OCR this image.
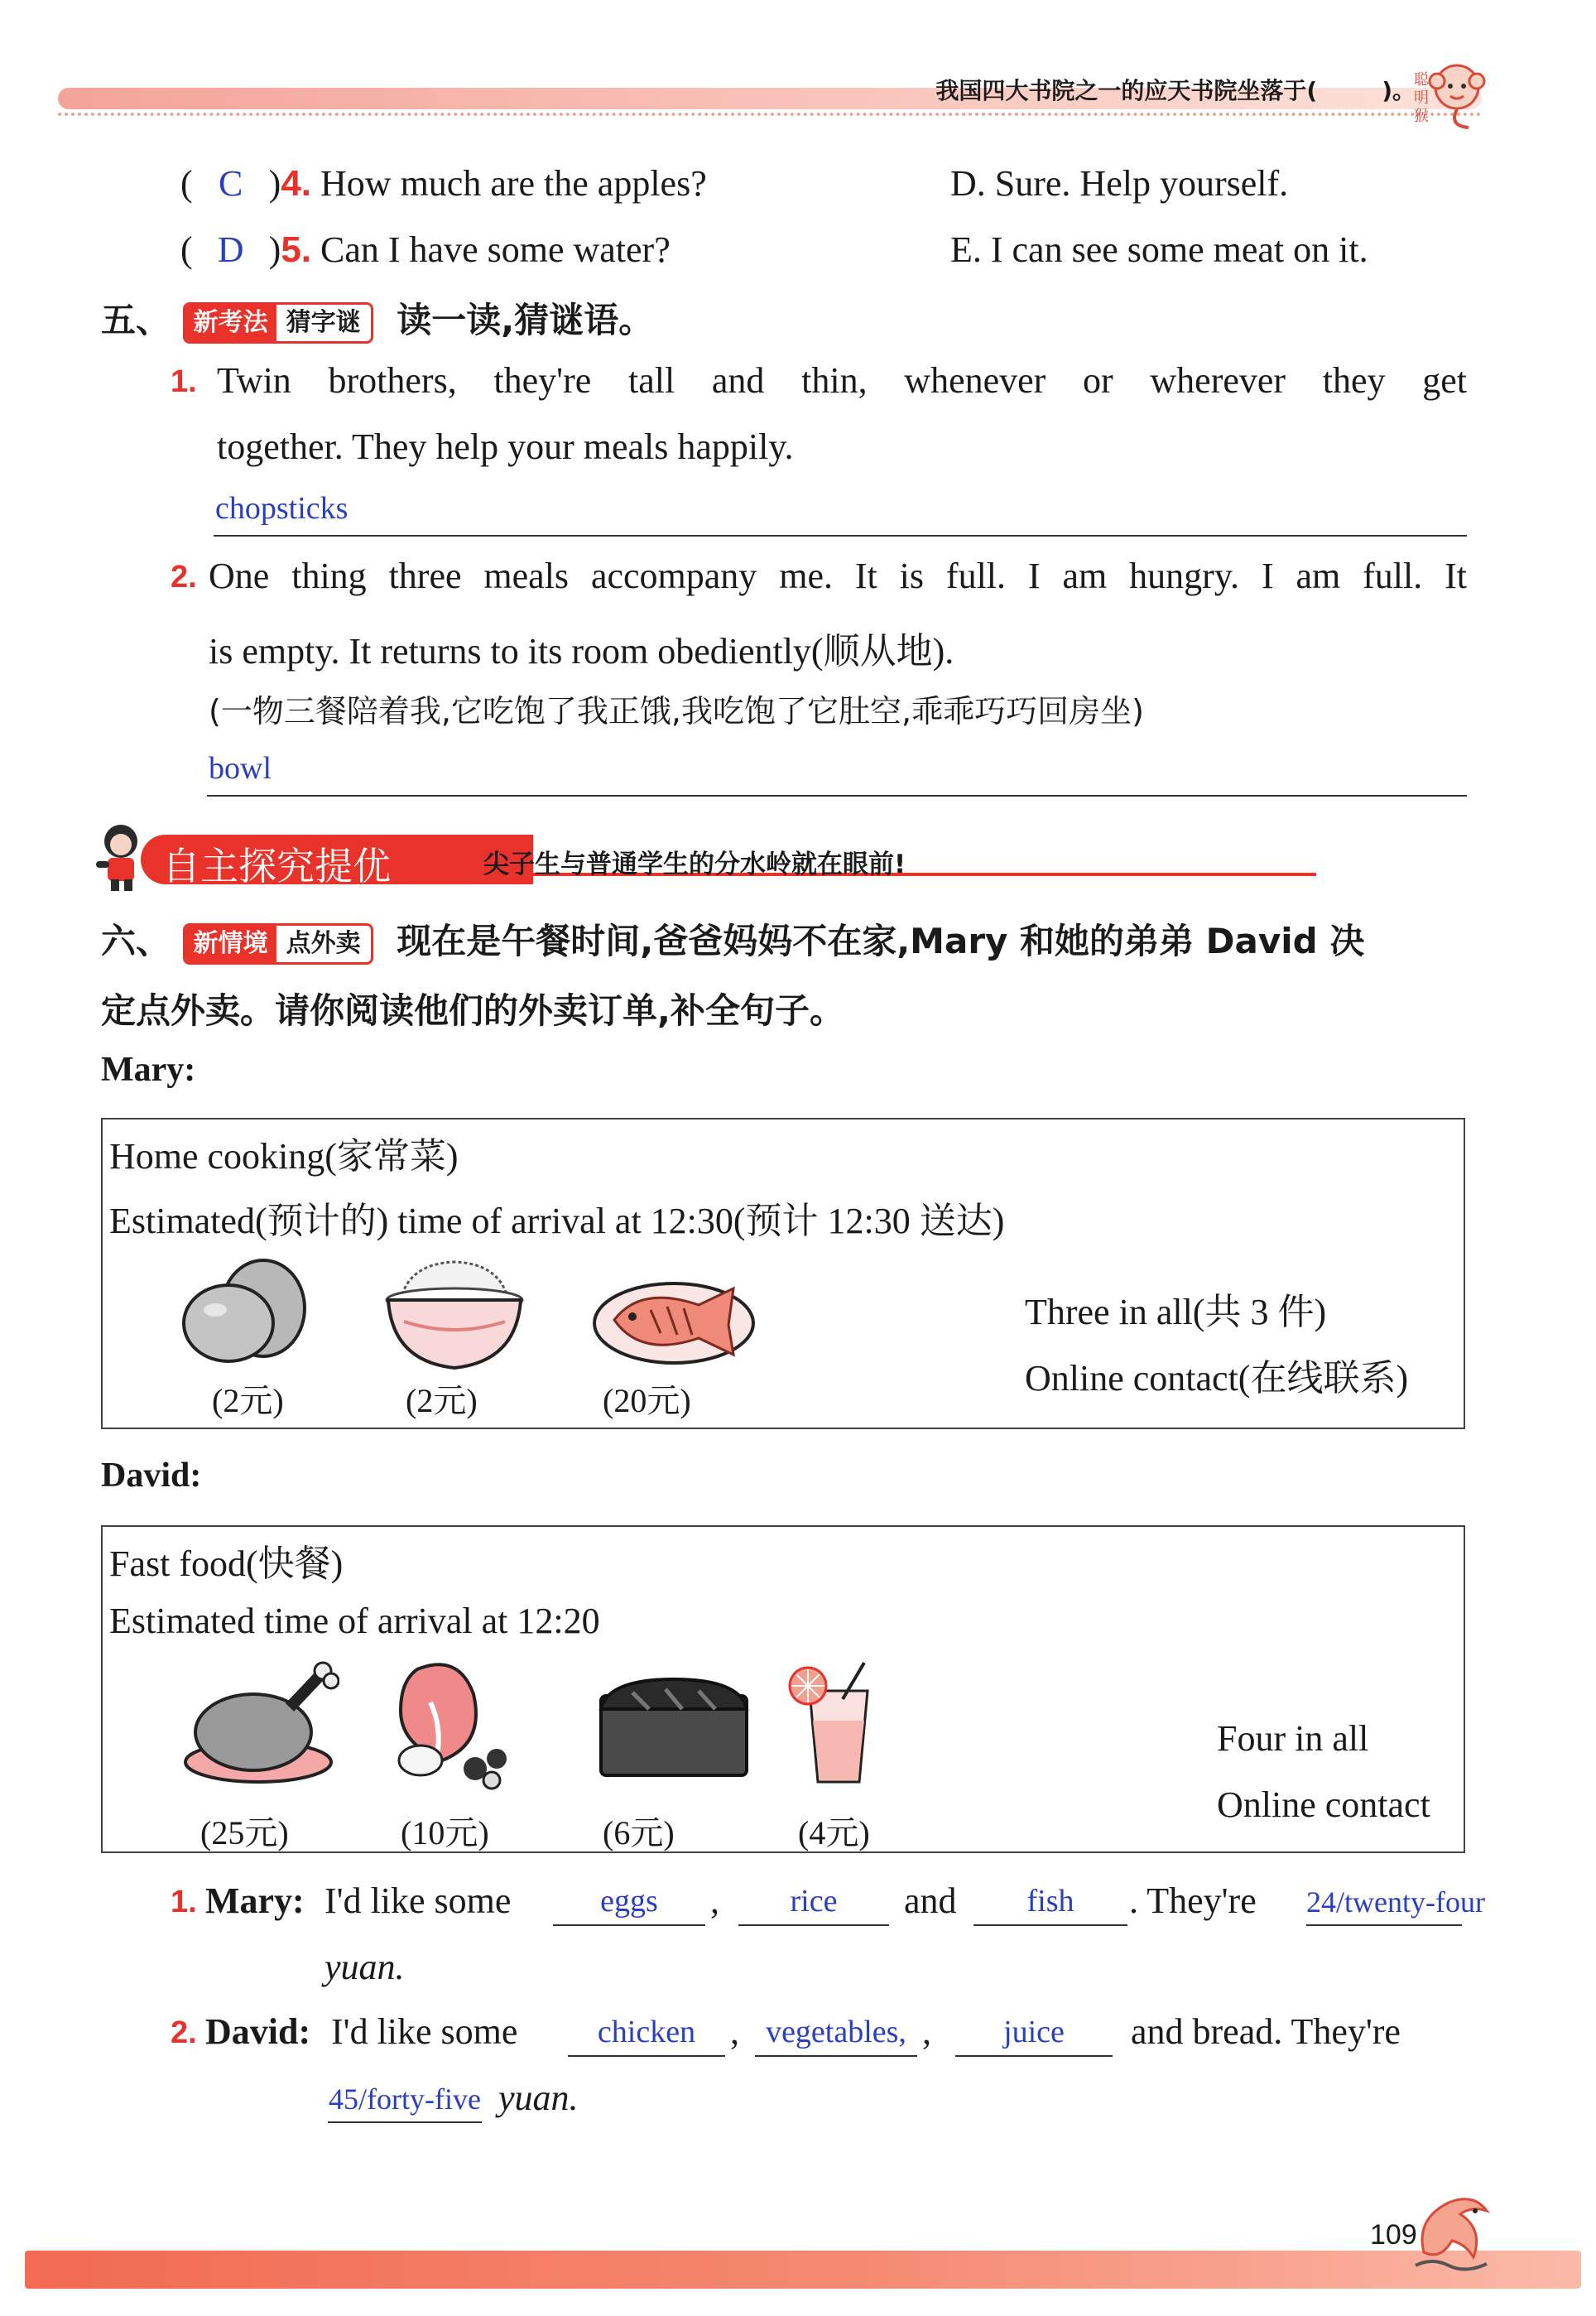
我国四大书院之一的应天书院坐落于(        )。
聪
明
猴
( C )4. How much are the apples?	D. Sure. Help yourself.
( D )5. Can I have some water?	E. I can see some meat on it.
五、 新考法 猜字谜 读一读,猜谜语。
1. Twin brothers, they're tall and thin, whenever or wherever they get
together. They help your meals happily.
chopsticks
2. One thing three meals accompany me. It is full. I am hungry. I am full. It
is empty. It returns to its room obediently(顺从地).
(一物三餐陪着我,它吃饱了我正饿,我吃饱了它肚空,乖乖巧巧回房坐)
bowl
自主探究提优	尖子生与普通学生的分水岭就在眼前!
六、 新情境 点外卖 现在是午餐时间,爸爸妈妈不在家,Mary 和她的弟弟 David 决
定点外卖。请你阅读他们的外卖订单,补全句子。
Mary:
Home cooking(家常菜)
Estimated(预计的) time of arrival at 12:30(预计 12:30 送达)
(2元)	(2元)	(20元)
Three in all(共 3 件)
Online contact(在线联系)
David:
Fast food(快餐)
Estimated time of arrival at 12:20
(25元)	(10元)	(6元)	(4元)
Four in all
Online contact
1. Mary: I'd like some	eggs	,	rice	and	fish	. They're 24/twenty-four
yuan.
2. David: I'd like some	chicken , vegetables, ,	juice	and bread. They're
45/forty-five yuan.
109
